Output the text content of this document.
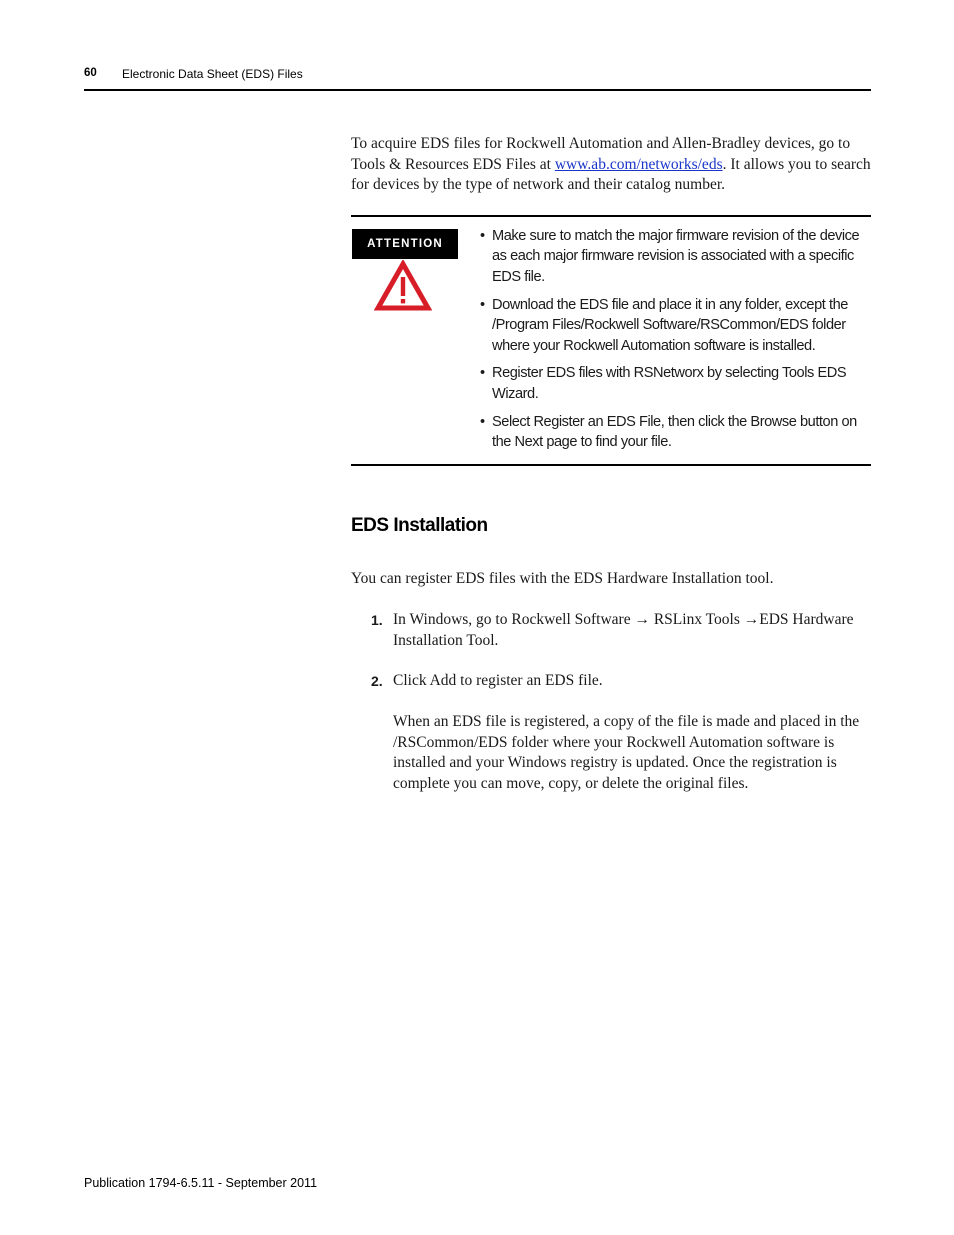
60 Electronic Data Sheet (EDS) Files

To acquire EDS files for Rockwell Automation and Allen-Bradley devices, go to Tools & Resources EDS Files at www.ab.com/networks/eds. It allows you to search for devices by the type of network and their catalog number.

ATTENTION
•	Make sure to match the major firmware revision of the device as each major firmware revision is associated with a specific EDS file.
• Download the EDS file and place it in any folder, except the /Program Files/Rockwell Software/RSCommon/EDS folder where your Rockwell Automation software is installed.
• Register EDS files with RSNetworx by selecting Tools EDS Wizard.
• Select Register an EDS File, then click the Browse button on the Next page to find your file.
EDS Installation

You can register EDS files with the EDS Hardware Installation tool.

1. In Windows, go to Rockwell Software → RSLinx Tools →EDS Hardware Installation Tool.
2. Click Add to register an EDS file.

When an EDS file is registered, a copy of the file is made and placed in the /RSCommon/EDS folder where your Rockwell Automation software is installed and your Windows registry is updated. Once the registration is complete you can move, copy, or delete the original files.

Publication 1794-6.5.11 - September 2011
